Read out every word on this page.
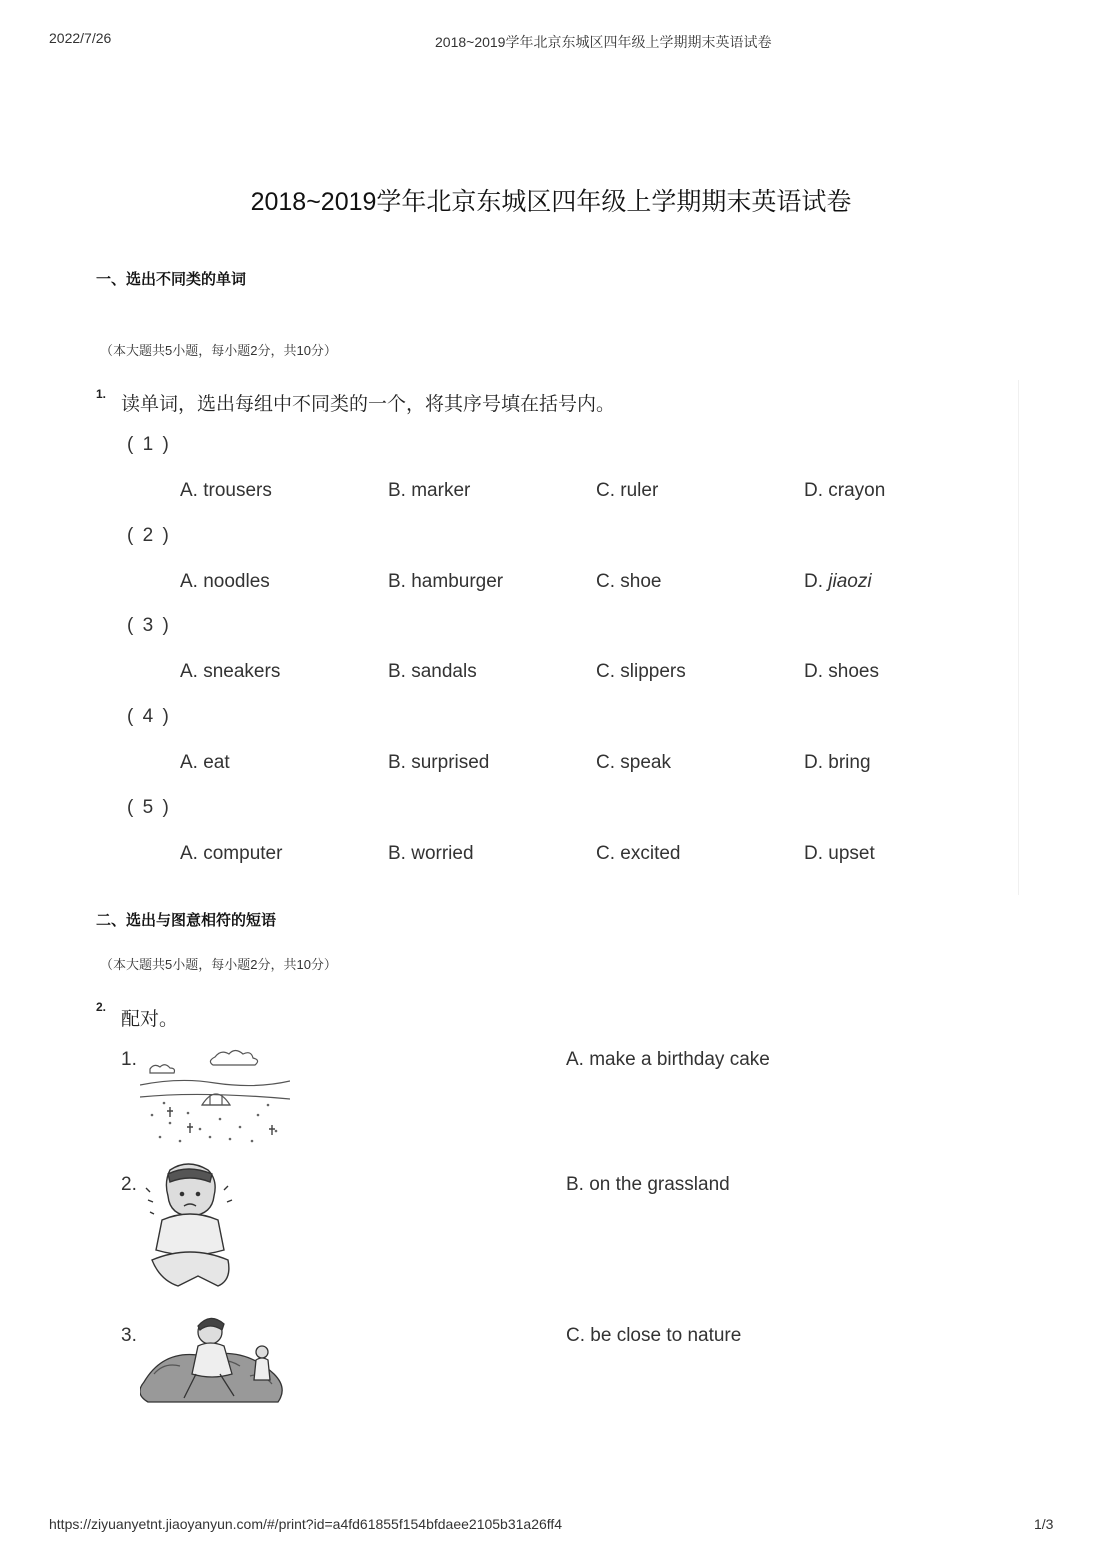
2022/7/26	2018~2019学年北京东城区四年级上学期期末英语试卷
2018~2019学年北京东城区四年级上学期期末英语试卷
一、选出不同类的单词
（本大题共5小题，每小题2分，共10分）
1. 读单词，选出每组中不同类的一个，将其序号填在括号内。
( 1 )
A. trousers	B. marker	C. ruler	D. crayon
( 2 )
A. noodles	B. hamburger	C. shoe	D. jiaozi
( 3 )
A. sneakers	B. sandals	C. slippers	D. shoes
( 4 )
A. eat	B. surprised	C. speak	D. bring
( 5 )
A. computer	B. worried	C. excited	D. upset
二、选出与图意相符的短语
（本大题共5小题，每小题2分，共10分）
2.
配对。
1.
2.
3.
A. make a birthday cake
B. on the grassland
C. be close to nature
https://ziyuanyetnt.jiaoyanyun.com/#/print?id=a4fd61855f154bfdaee2105b31a26ff4	1/3
